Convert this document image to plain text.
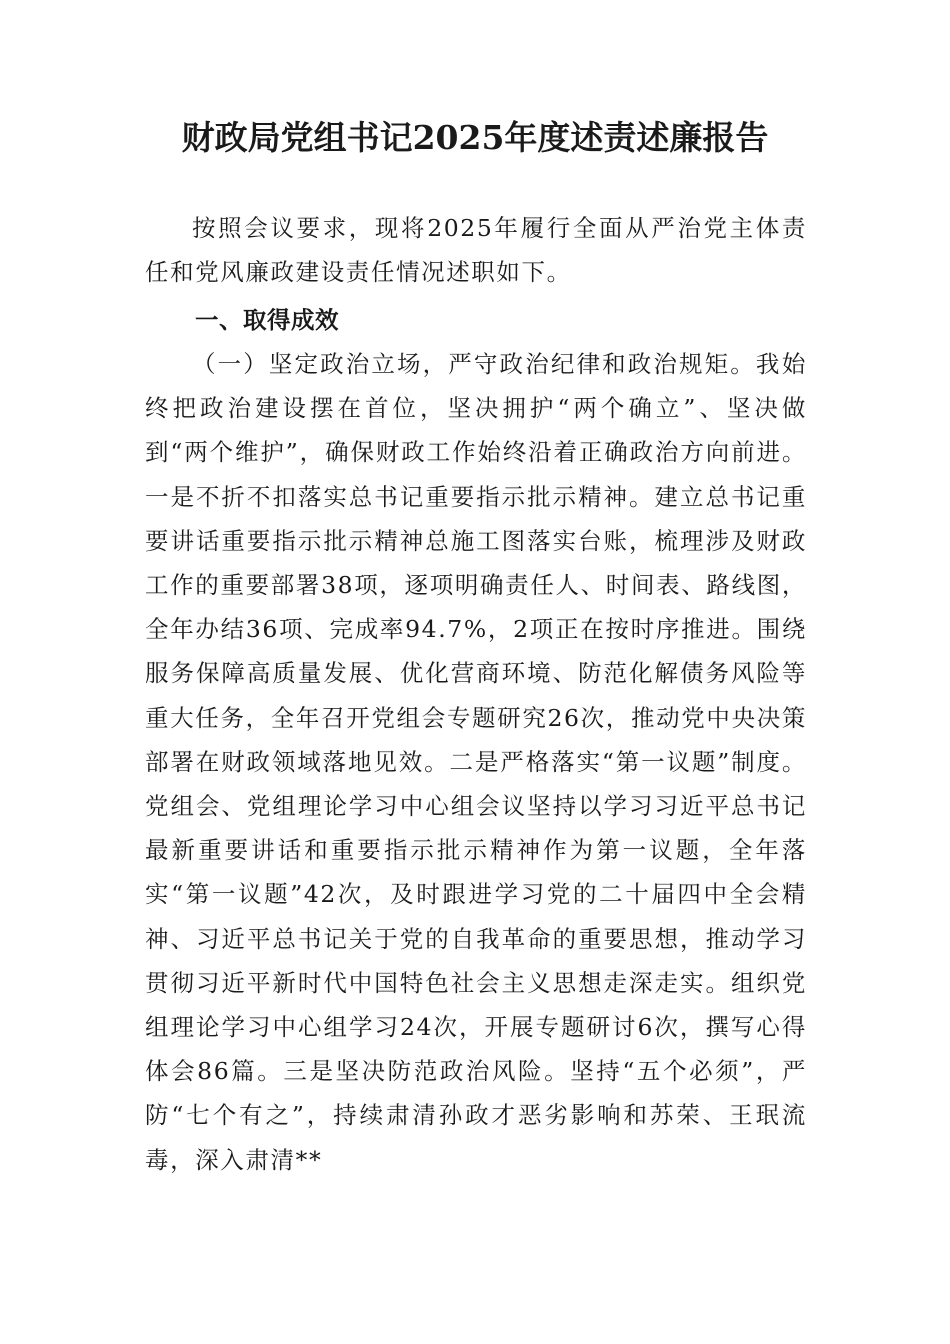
财政局党组书记2025年度述责述廉报告

按照会议要求，现将2025年履行全面从严治党主体责任和党风廉政建设责任情况述职如下。

一、取得成效

（一）坚定政治立场，严守政治纪律和政治规矩。我始终把政治建设摆在首位，坚决拥护“两个确立”、坚决做到“两个维护”，确保财政工作始终沿着正确政治方向前进。一是不折不扣落实总书记重要指示批示精神。建立总书记重要讲话重要指示批示精神总施工图落实台账，梳理涉及财政工作的重要部署38项，逐项明确责任人、时间表、路线图，全年办结36项、完成率94.7%，2项正在按时序推进。围绕服务保障高质量发展、优化营商环境、防范化解债务风险等重大任务，全年召开党组会专题研究26次，推动党中央决策部署在财政领域落地见效。二是严格落实“第一议题”制度。党组会、党组理论学习中心组会议坚持以学习习近平总书记最新重要讲话和重要指示批示精神作为第一议题，全年落实“第一议题”42次，及时跟进学习党的二十届四中全会精神、习近平总书记关于党的自我革命的重要思想，推动学习贯彻习近平新时代中国特色社会主义思想走深走实。组织党组理论学习中心组学习24次，开展专题研讨6次，撰写心得体会86篇。三是坚决防范政治风险。坚持“五个必须”，严防“七个有之”，持续肃清孙政才恶劣影响和苏荣、王珉流毒，深入肃清**
